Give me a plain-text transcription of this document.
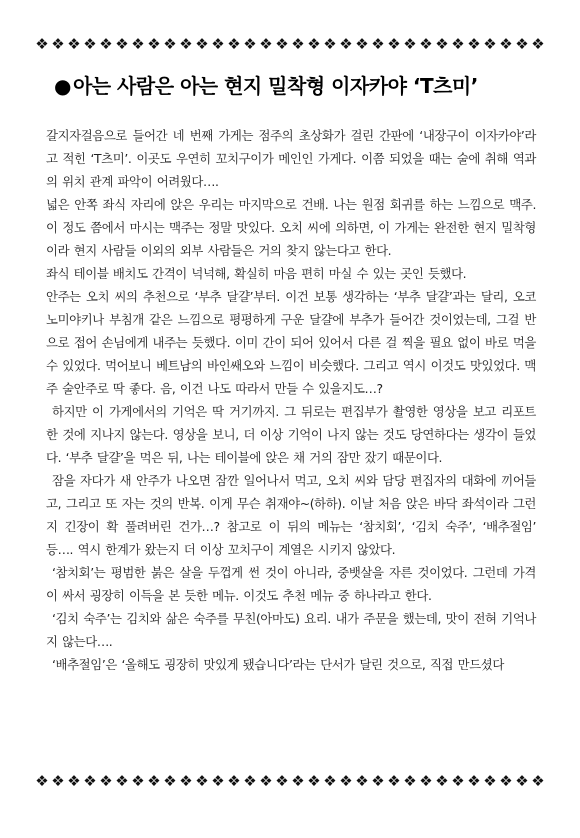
❖ ❖ ❖ ❖ ❖ ❖ ❖ ❖ ❖ ❖ ❖ ❖ ❖ ❖ ❖ ❖ ❖ ❖ ❖ ❖ ❖ ❖ ❖ ❖ ❖ ❖ ❖ ❖ ❖ ❖ ❖ ❖
● 아는 사람은 아는 현지 밀착형 이자카야 ‘T츠미’

갈지자걸음으로 들어간 네 번째 가게는 점주의 초상화가 걸린 간판에 ‘내장구이 이자카야’라고 적힌 ‘T츠미’. 이곳도 우연히 꼬치구이가 메인인 가게다. 이쯤 되었을 때는 술에 취해 역과의 위치 관계 파악이 어려웠다….

넓은 안쪽 좌식 자리에 앉은 우리는 마지막으로 건배. 나는 원점 회귀를 하는 느낌으로 맥주. 이 정도 쯤에서 마시는 맥주는 정말 맛있다. 오치 씨에 의하면, 이 가게는 완전한 현지 밀착형이라 현지 사람들 이외의 외부 사람들은 거의 찾지 않는다고 한다.

좌식 테이블 배치도 간격이 넉넉해, 확실히 마음 편히 마실 수 있는 곳인 듯했다.

안주는 오치 씨의 추천으로 ‘부추 달걀’부터. 이건 보통 생각하는 ‘부추 달걀’과는 달리, 오코노미야키나 부침개 같은 느낌으로 평평하게 구운 달걀에 부추가 들어간 것이었는데, 그걸 반으로 접어 손님에게 내주는 듯했다. 이미 간이 되어 있어서 다른 걸 찍을 필요 없이 바로 먹을 수 있었다. 먹어보니 베트남의 바인쌔오와 느낌이 비슷했다. 그리고 역시 이것도 맛있었다. 맥주 술안주로 딱 좋다. 음, 이건 나도 따라서 만들 수 있을지도…?

하지만 이 가게에서의 기억은 딱 거기까지. 그 뒤로는 편집부가 촬영한 영상을 보고 리포트한 것에 지나지 않는다. 영상을 보니, 더 이상 기억이 나지 않는 것도 당연하다는 생각이 들었다. ‘부추 달걀’을 먹은 뒤, 나는 테이블에 앉은 채 거의 잠만 잤기 때문이다.

잠을 자다가 새 안주가 나오면 잠깐 일어나서 먹고, 오치 씨와 담당 편집자의 대화에 끼어들고, 그리고 또 자는 것의 반복. 이게 무슨 취재야~(하하). 이날 처음 앉은 바닥 좌석이라 그런지 긴장이 확 풀려버린 건가…? 참고로 이 뒤의 메뉴는 ‘참치회’, ‘김치 숙주’, ‘배추절임’ 등…. 역시 한계가 왔는지 더 이상 꼬치구이 계열은 시키지 않았다.

‘참치회’는 평범한 붉은 살을 두껍게 썬 것이 아니라, 중뱃살을 자른 것이었다. 그런데 가격이 싸서 굉장히 이득을 본 듯한 메뉴. 이것도 추천 메뉴 중 하나라고 한다.

‘김치 숙주’는 김치와 삶은 숙주를 무친(아마도) 요리. 내가 주문을 했는데, 맛이 전혀 기억나지 않는다….

‘배추절임’은 ‘올해도 굉장히 맛있게 됐습니다’라는 단서가 달린 것으로, 직접 만드셨다

❖ ❖ ❖ ❖ ❖ ❖ ❖ ❖ ❖ ❖ ❖ ❖ ❖ ❖ ❖ ❖ ❖ ❖ ❖ ❖ ❖ ❖ ❖ ❖ ❖ ❖ ❖ ❖ ❖ ❖ ❖ ❖
